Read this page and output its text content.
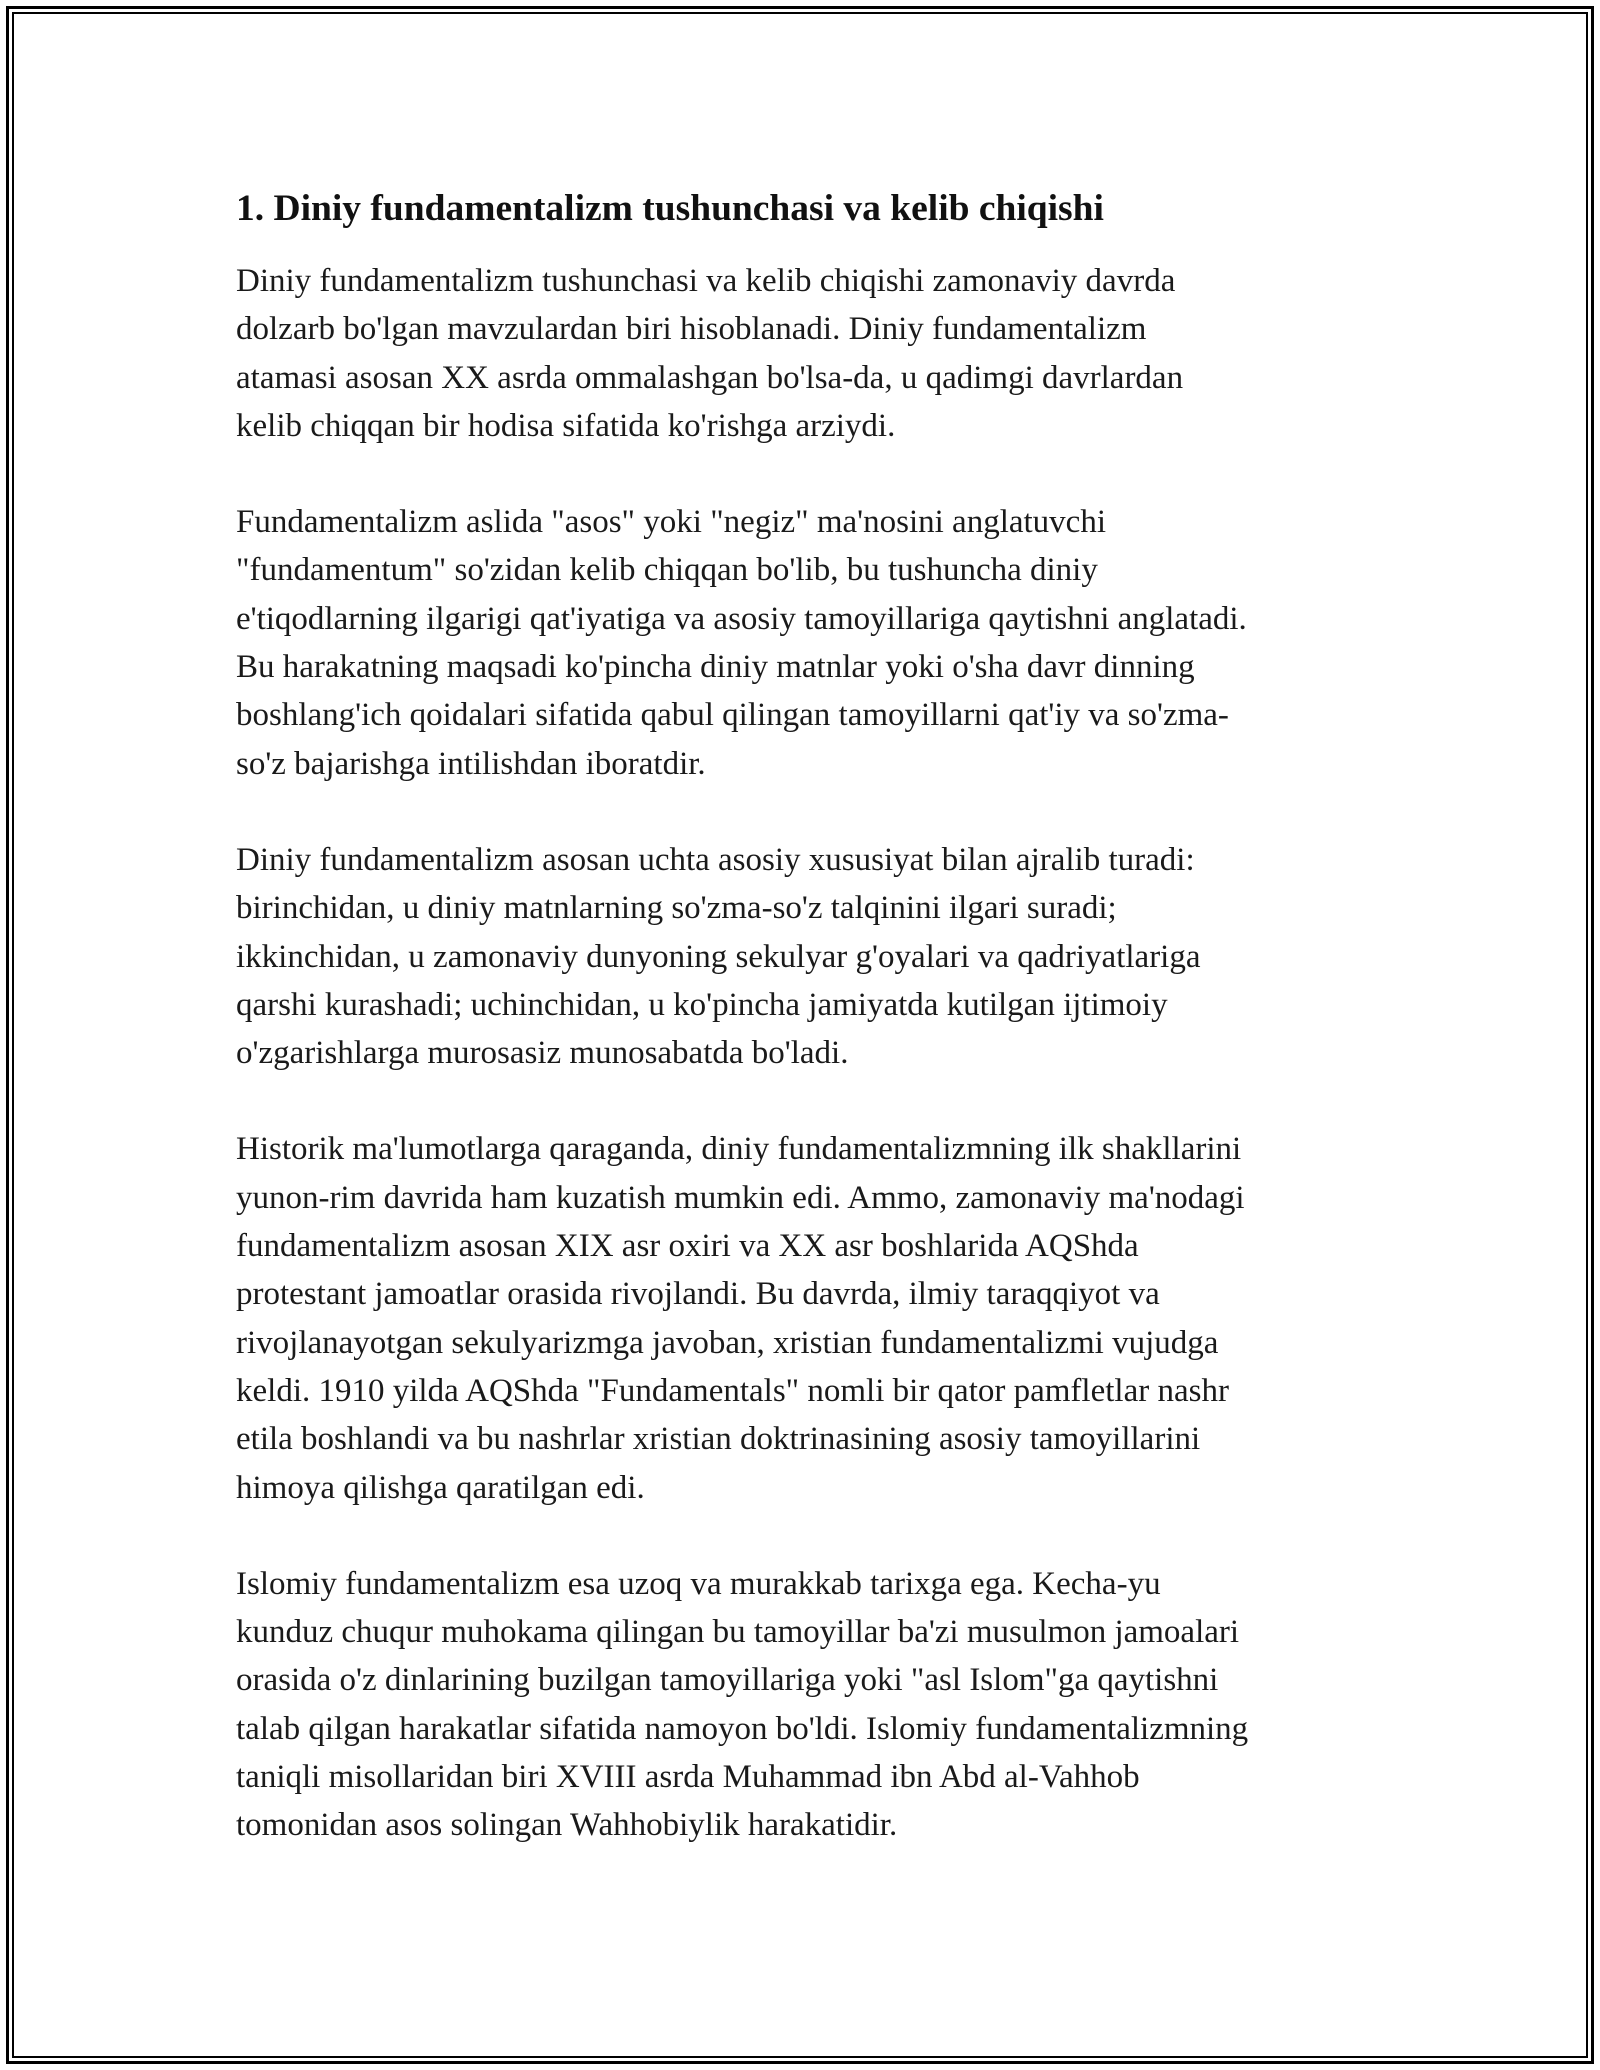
1. Diniy fundamentalizm tushunchasi va kelib chiqishi

Diniy fundamentalizm tushunchasi va kelib chiqishi zamonaviy davrda
dolzarb bo'lgan mavzulardan biri hisoblanadi. Diniy fundamentalizm
atamasi asosan XX asrda ommalashgan bo'lsa-da, u qadimgi davrlardan
kelib chiqqan bir hodisa sifatida ko'rishga arziydi.

Fundamentalizm aslida "asos" yoki "negiz" ma'nosini anglatuvchi
"fundamentum" so'zidan kelib chiqqan bo'lib, bu tushuncha diniy
e'tiqodlarning ilgarigi qat'iyatiga va asosiy tamoyillariga qaytishni anglatadi.
Bu harakatning maqsadi ko'pincha diniy matnlar yoki o'sha davr dinning
boshlang'ich qoidalari sifatida qabul qilingan tamoyillarni qat'iy va so'zma-
so'z bajarishga intilishdan iboratdir.

Diniy fundamentalizm asosan uchta asosiy xususiyat bilan ajralib turadi:
birinchidan, u diniy matnlarning so'zma-so'z talqinini ilgari suradi;
ikkinchidan, u zamonaviy dunyoning sekulyar g'oyalari va qadriyatlariga
qarshi kurashadi; uchinchidan, u ko'pincha jamiyatda kutilgan ijtimoiy
o'zgarishlarga murosasiz munosabatda bo'ladi.

Historik ma'lumotlarga qaraganda, diniy fundamentalizmning ilk shakllarini
yunon-rim davrida ham kuzatish mumkin edi. Ammo, zamonaviy ma'nodagi
fundamentalizm asosan XIX asr oxiri va XX asr boshlarida AQShda
protestant jamoatlar orasida rivojlandi. Bu davrda, ilmiy taraqqiyot va
rivojlanayotgan sekulyarizmga javoban, xristian fundamentalizmi vujudga
keldi. 1910 yilda AQShda "Fundamentals" nomli bir qator pamfletlar nashr
etila boshlandi va bu nashrlar xristian doktrinasining asosiy tamoyillarini
himoya qilishga qaratilgan edi.

Islomiy fundamentalizm esa uzoq va murakkab tarixga ega. Kecha-yu
kunduz chuqur muhokama qilingan bu tamoyillar ba'zi musulmon jamoalari
orasida o'z dinlarining buzilgan tamoyillariga yoki "asl Islom"ga qaytishni
talab qilgan harakatlar sifatida namoyon bo'ldi. Islomiy fundamentalizmning
taniqli misollaridan biri XVIII asrda Muhammad ibn Abd al-Vahhob
tomonidan asos solingan Wahhobiylik harakatidir.
